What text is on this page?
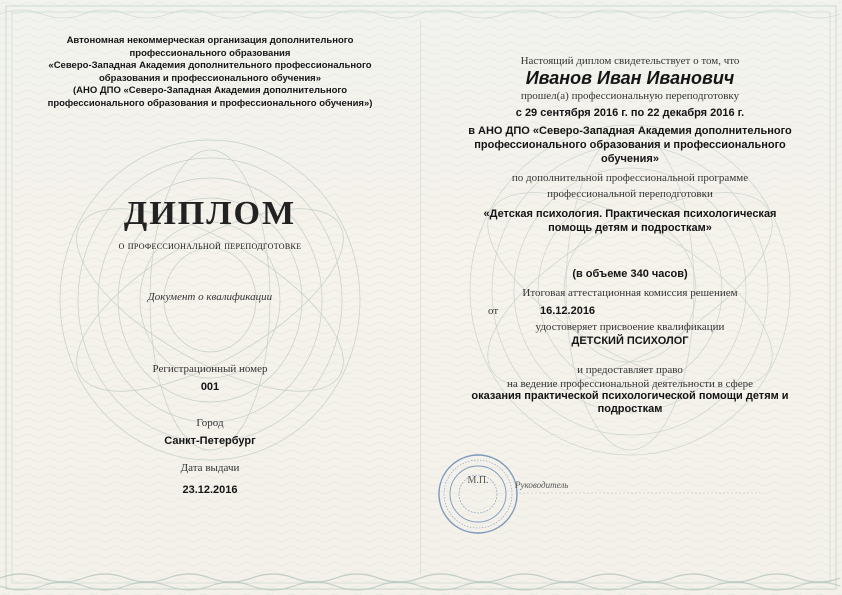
Автономная некоммерческая организация дополнительного
профессионального образования
«Северо-Западная Академия дополнительного профессионального
образования и профессионального обучения»
(АНО ДПО «Северо-Западная Академия дополнительного
профессионального образования и профессионального обучения»)
ДИПЛОМ
о профессиональной переподготовке
Документ о квалификации
Регистрационный номер
001
Город
Санкт-Петербург
Дата выдачи
23.12.2016
Настоящий диплом свидетельствует о том, что
Иванов Иван Иванович
прошел(а) профессиональную переподготовку
с 29 сентября 2016 г. по 22 декабря 2016 г.
в АНО ДПО «Северо-Западная Академия дополнительного
профессионального образования и профессионального
обучения»
по дополнительной профессиональной программе
профессиональной переподготовки
«Детская психология. Практическая психологическая
помощь детям и подросткам»
(в объеме 340 часов)
Итоговая аттестационная комиссия решением
от	16.12.2016
удостоверяет присвоение квалификации
ДЕТСКИЙ ПСИХОЛОГ
и предоставляет право
на ведение профессиональной деятельности в сфере
оказания практической психологической помощи детям и
подросткам
М.П.	Руководитель
